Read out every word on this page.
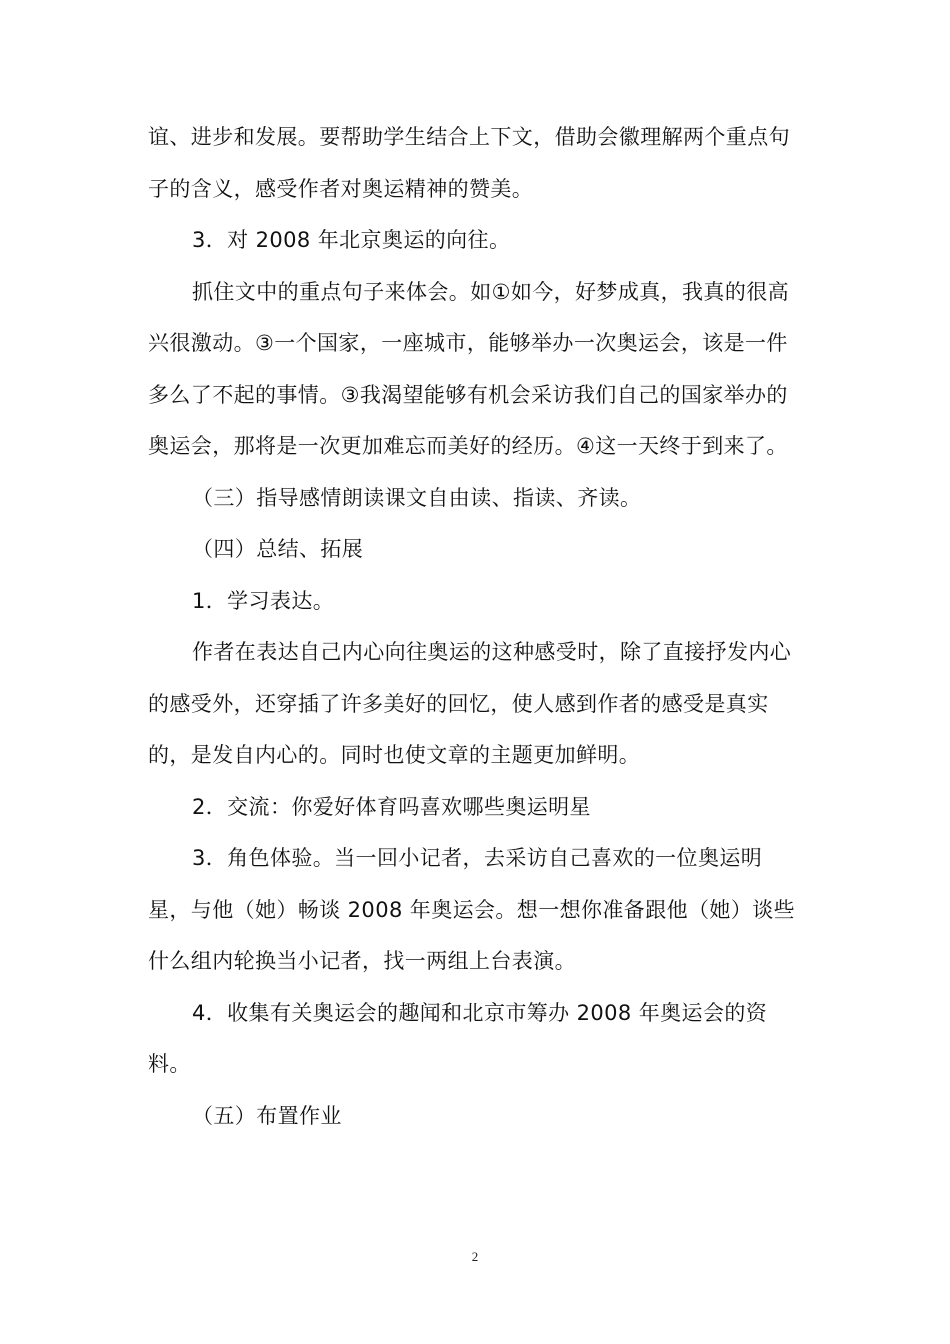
谊、进步和发展。要帮助学生结合上下文，借助会徽理解两个重点句子的含义，感受作者对奥运精神的赞美。

3．对 2008 年北京奥运的向往。

抓住文中的重点句子来体会。如①如今，好梦成真，我真的很高兴很激动。③一个国家，一座城市，能够举办一次奥运会，该是一件多么了不起的事情。③我渴望能够有机会采访我们自己的国家举办的奥运会，那将是一次更加难忘而美好的经历。④这一天终于到来了。

（三）指导感情朗读课文自由读、指读、齐读。

（四）总结、拓展

1．学习表达。

作者在表达自己内心向往奥运的这种感受时，除了直接抒发内心的感受外，还穿插了许多美好的回忆，使人感到作者的感受是真实的，是发自内心的。同时也使文章的主题更加鲜明。

2．交流：你爱好体育吗喜欢哪些奥运明星

3．角色体验。当一回小记者，去采访自己喜欢的一位奥运明星，与他（她）畅谈 2008 年奥运会。想一想你准备跟他（她）谈些什么组内轮换当小记者，找一两组上台表演。

4．收集有关奥运会的趣闻和北京市筹办 2008 年奥运会的资料。

（五）布置作业

2
